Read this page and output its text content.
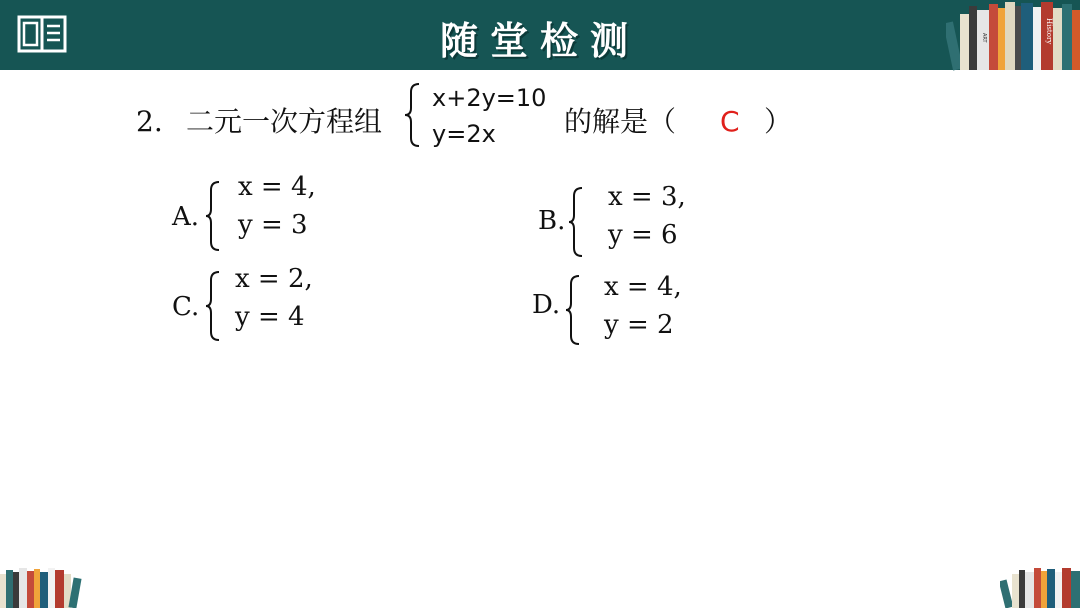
随堂检测	ART	History
2. 二元一次方程组
x+2y=10
y=2x 的解是（ C ）
A.
x = 4,
y = 3	B.
x = 3,
y = 6
C.
x = 2,
y = 4	D.
x = 4,
y = 2
